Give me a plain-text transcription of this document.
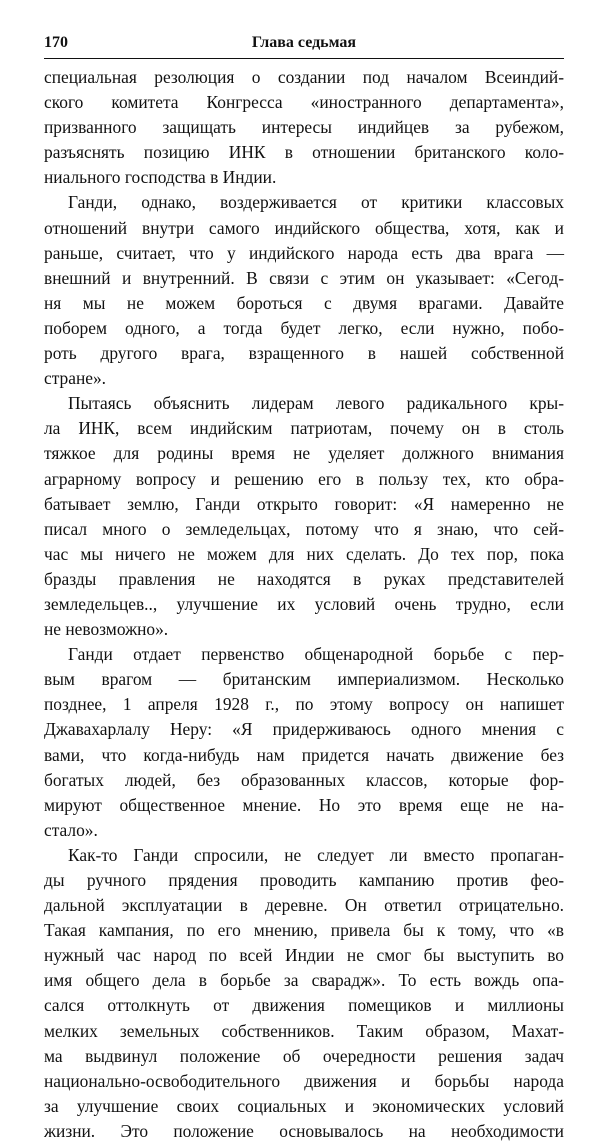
170	Глава седьмая
специальная резолюция о создании под началом Всеиндий-
ского комитета Конгресса «иностранного департамента»,
призванного защищать интересы индийцев за рубежом,
разъяснять позицию ИНК в отношении британского коло-
ниального господства в Индии.
Ганди, однако, воздерживается от критики классовых
отношений внутри самого индийского общества, хотя, как и
раньше, считает, что у индийского народа есть два врага —
внешний и внутренний. В связи с этим он указывает: «Сегод-
ня мы не можем бороться с двумя врагами. Давайте
поборем одного, а тогда будет легко, если нужно, побо-
роть другого врага, взращенного в нашей собственной
стране».
Пытаясь объяснить лидерам левого радикального кры-
ла ИНК, всем индийским патриотам, почему он в столь
тяжкое для родины время не уделяет должного внимания
аграрному вопросу и решению его в пользу тех, кто обра-
батывает землю, Ганди открыто говорит: «Я намеренно не
писал много о земледельцах, потому что я знаю, что сей-
час мы ничего не можем для них сделать. До тех пор, пока
бразды правления не находятся в руках представителей
земледельцев.., улучшение их условий очень трудно, если
не невозможно».
Ганди отдает первенство общенародной борьбе с пер-
вым врагом — британским империализмом. Несколько
позднее, 1 апреля 1928 г., по этому вопросу он напишет
Джавахарлалу Неру: «Я придерживаюсь одного мнения с
вами, что когда-нибудь нам придется начать движение без
богатых людей, без образованных классов, которые фор-
мируют общественное мнение. Но это время еще не на-
стало».
Как-то Ганди спросили, не следует ли вместо пропаган-
ды ручного прядения проводить кампанию против феo-
дальной эксплуатации в деревне. Он ответил отрицательно.
Такая кампания, по его мнению, привела бы к тому, что «в
нужный час народ по всей Индии не смог бы выступить во
имя общего дела в борьбе за сварадж». То есть вождь опа-
сался оттолкнуть от движения помещиков и миллионы
мелких земельных собственников. Таким образом, Махат-
ма выдвинул положение об очередности решения задач
национально-освободительного движения и борьбы народа
за улучшение своих социальных и экономических условий
жизни. Это положение основывалось на необходимости
